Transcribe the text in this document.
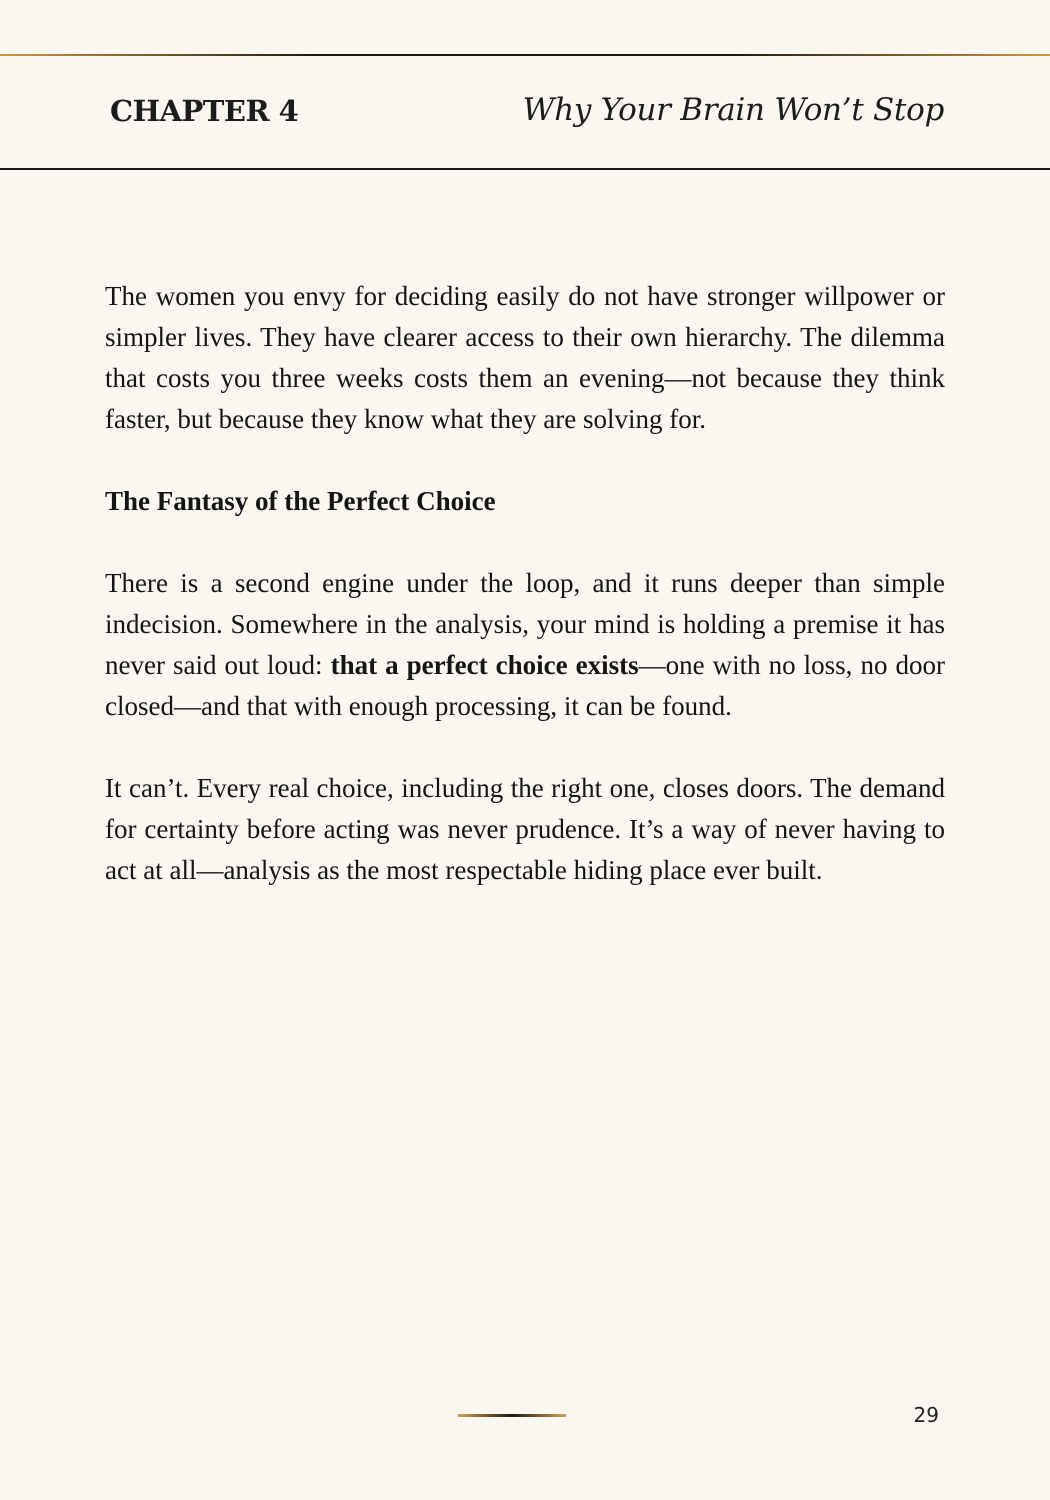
CHAPTER 4	Why Your Brain Won’t Stop

The women you envy for deciding easily do not have stronger willpower or simpler lives. They have clearer access to their own hierarchy. The dilemma that costs you three weeks costs them an evening—not because they think faster, but because they know what they are solving for.

The Fantasy of the Perfect Choice

There is a second engine under the loop, and it runs deeper than simple indecision. Somewhere in the analysis, your mind is holding a premise it has never said out loud: that a perfect choice exists—one with no loss, no door closed—and that with enough processing, it can be found.

It can’t. Every real choice, including the right one, closes doors. The demand for certainty before acting was never prudence. It’s a way of never having to act at all—analysis as the most respectable hiding place ever built.

29
